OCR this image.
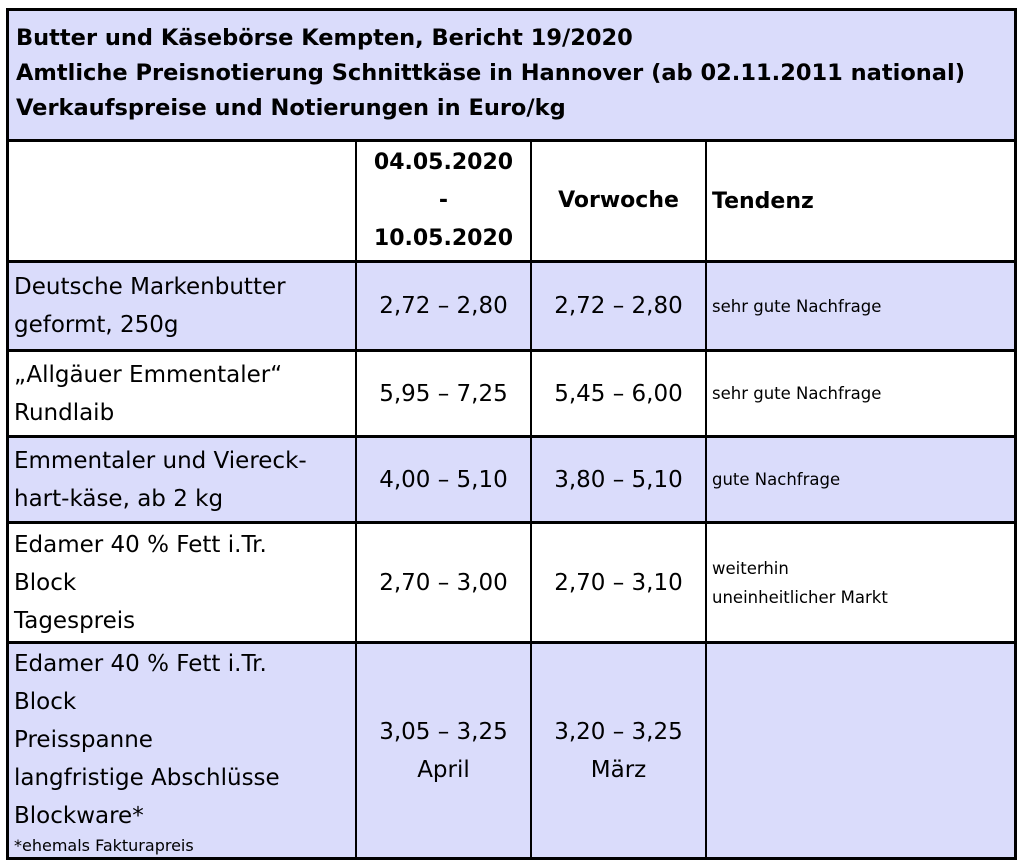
Butter und Käsebörse Kempten, Bericht 19/2020
Amtliche Preisnotierung Schnittkäse in Hannover (ab 02.11.2011 national)
Verkaufspreise und Notierungen in Euro/kg
04.05.2020
-
10.05.2020
Vorwoche	Tendenz
Deutsche Markenbutter
geformt, 250g
2,72 – 2,80 2,72 – 2,80 sehr gute Nachfrage
„Allgäuer Emmentaler“
Rundlaib
5,95 – 7,25 5,45 – 6,00 sehr gute Nachfrage
Emmentaler und Viereck-
hart-käse, ab 2 kg
4,00 – 5,10 3,80 – 5,10 gute Nachfrage
Edamer 40 % Fett i.Tr.
Block
Tagespreis
2,70 – 3,00 2,70 – 3,10
weiterhin
uneinheitlicher Markt
Edamer 40 % Fett i.Tr.
Block
Preisspanne
langfristige Abschlüsse
Blockware*
*ehemals Fakturapreis
3,05 – 3,25
April
3,20 – 3,25
März
